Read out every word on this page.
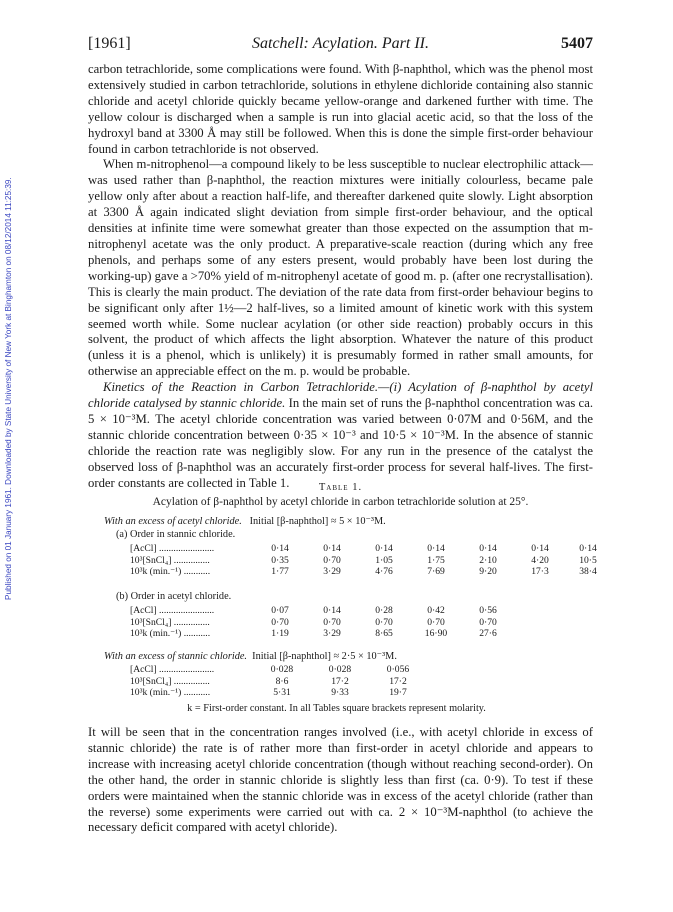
Published on 01 January 1961. Downloaded by State University of New York at Binghamton on 08/12/2014 11:25:39.
[1961]	Satchell: Acylation. Part II.	5407

carbon tetrachloride, some complications were found. With β-naphthol, which was the phenol most extensively studied in carbon tetrachloride, solutions in ethylene dichloride containing also stannic chloride and acetyl chloride quickly became yellow-orange and darkened further with time. The yellow colour is discharged when a sample is run into glacial acetic acid, so that the loss of the hydroxyl band at 3300 Å may still be followed. When this is done the simple first-order behaviour found in carbon tetrachloride is not observed.

When m-nitrophenol—a compound likely to be less susceptible to nuclear electrophilic attack—was used rather than β-naphthol, the reaction mixtures were initially colourless, became pale yellow only after about a reaction half-life, and thereafter darkened quite slowly. Light absorption at 3300 Å again indicated slight deviation from simple first-order behaviour, and the optical densities at infinite time were somewhat greater than those expected on the assumption that m-nitrophenyl acetate was the only product. A preparative-scale reaction (during which any free phenols, and perhaps some of any esters present, would probably have been lost during the working-up) gave a >70% yield of m-nitrophenyl acetate of good m. p. (after one recrystallisation). This is clearly the main product. The deviation of the rate data from first-order behaviour begins to be significant only after 1½—2 half-lives, so a limited amount of kinetic work with this system seemed worth while. Some nuclear acylation (or other side reaction) probably occurs in this solvent, the product of which affects the light absorption. Whatever the nature of this product (unless it is a phenol, which is unlikely) it is presumably formed in rather small amounts, for otherwise an appreciable effect on the m. p. would be probable.

Kinetics of the Reaction in Carbon Tetrachloride.—(i) Acylation of β-naphthol by acetyl chloride catalysed by stannic chloride. In the main set of runs the β-naphthol concentration was ca. 5 × 10⁻³M. The acetyl chloride concentration was varied between 0·07M and 0·56M, and the stannic chloride concentration between 0·35 × 10⁻³ and 10·5 × 10⁻³M. In the absence of stannic chloride the reaction rate was negligibly slow. For any run in the presence of the catalyst the observed loss of β-naphthol was an accurately first-order process for several half-lives. The first-order constants are collected in Table 1.	Table 1.
Acylation of β-naphthol by acetyl chloride in carbon tetrachloride solution at 25°.
With an excess of acetyl chloride. Initial [β-naphthol] ≈ 5 × 10⁻³M.
(a) Order in stannic chloride.
[AcCl] .......................	0·14	0·14	0·14	0·14	0·14	0·14	0·14
10³[SnCl₄] ...............	0·35	0·70	1·05	1·75	2·10	4·20	10·5
10³k (min.⁻¹) ...........	1·77	3·29	4·76	7·69	9·20	17·3	38·4
(b) Order in acetyl chloride.
[AcCl] .......................	0·07	0·14	0·28	0·42	0·56
10³[SnCl₄] ...............	0·70	0·70	0·70	0·70	0·70
10³k (min.⁻¹) ...........	1·19	3·29	8·65	16·90	27·6
With an excess of stannic chloride. Initial [β-naphthol] ≈ 2·5 × 10⁻³M.
[AcCl] .......................	0·028	0·028	0·056
10³[SnCl₄] ...............	8·6	17·2	17·2
10³k (min.⁻¹) ...........	5·31	9·33	19·7
k = First-order constant. In all Tables square brackets represent molarity.

It will be seen that in the concentration ranges involved (i.e., with acetyl chloride in excess of stannic chloride) the rate is of rather more than first-order in acetyl chloride and appears to increase with increasing acetyl chloride concentration (though without reaching second-order). On the other hand, the order in stannic chloride is slightly less than first (ca. 0·9). To test if these orders were maintained when the stannic chloride was in excess of the acetyl chloride (rather than the reverse) some experiments were carried out with ca. 2 × 10⁻³M-naphthol (to achieve the necessary deficit compared with acetyl chloride).
